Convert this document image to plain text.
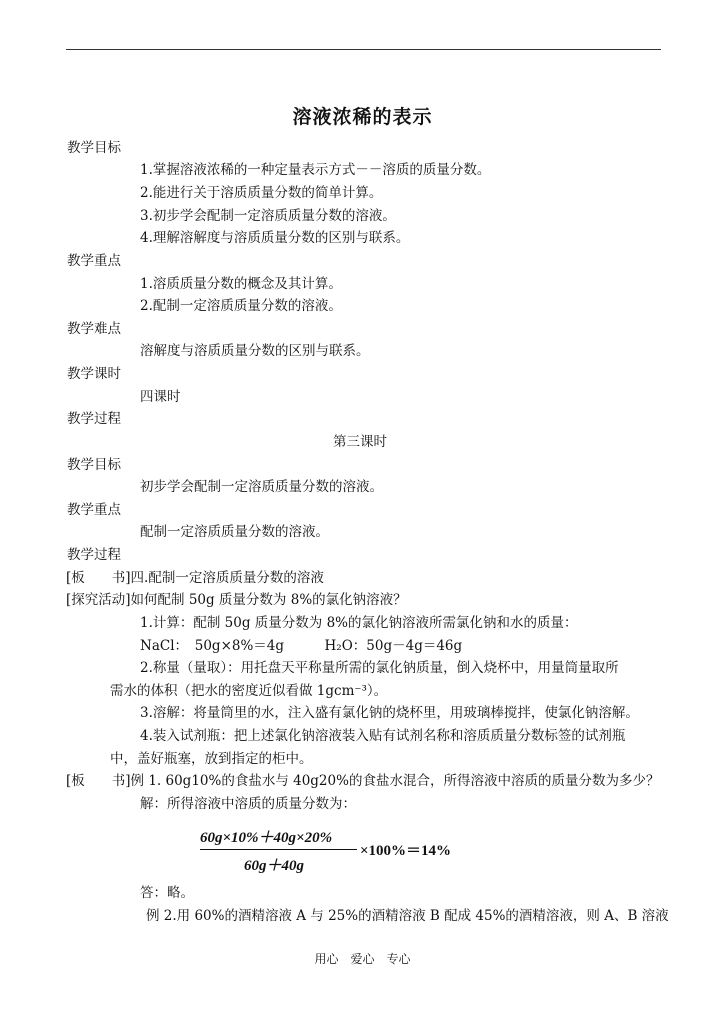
溶液浓稀的表示
教学目标
1.掌握溶液浓稀的一种定量表示方式－－溶质的质量分数。
2.能进行关于溶质质量分数的简单计算。
3.初步学会配制一定溶质质量分数的溶液。
4.理解溶解度与溶质质量分数的区别与联系。
教学重点
1.溶质质量分数的概念及其计算。
2.配制一定溶质质量分数的溶液。
教学难点
溶解度与溶质质量分数的区别与联系。
教学课时
四课时
教学过程
第三课时
教学目标
初步学会配制一定溶质质量分数的溶液。
教学重点
配制一定溶质质量分数的溶液。
教学过程
[板　　书]四.配制一定溶质质量分数的溶液
[探究活动]如何配制 50g 质量分数为 8%的氯化钠溶液？
1.计算：配制 50g 质量分数为 8%的氯化钠溶液所需氯化钠和水的质量：
NaCl：　50g×8%＝4g　　　H₂O：50g－4g＝46g
2.称量（量取）：用托盘天平称量所需的氯化钠质量，倒入烧杯中，用量筒量取所
需水的体积（把水的密度近似看做 1gcm⁻³）。
3.溶解：将量筒里的水，注入盛有氯化钠的烧杯里，用玻璃棒搅拌，使氯化钠溶解。
4.装入试剂瓶：把上述氯化钠溶液装入贴有试剂名称和溶质质量分数标签的试剂瓶
中，盖好瓶塞，放到指定的柜中。
[板　　书]例 1. 60g10%的食盐水与 40g20%的食盐水混合，所得溶液中溶质的质量分数为多少？
解：所得溶液中溶质的质量分数为：
60g×10%＋40g×20%
60g＋40g
×100%＝14%
答：略。
例 2.用 60%的酒精溶液 A 与 25%的酒精溶液 B 配成 45%的酒精溶液，则 A、B 溶液
用心　爱心　专心
